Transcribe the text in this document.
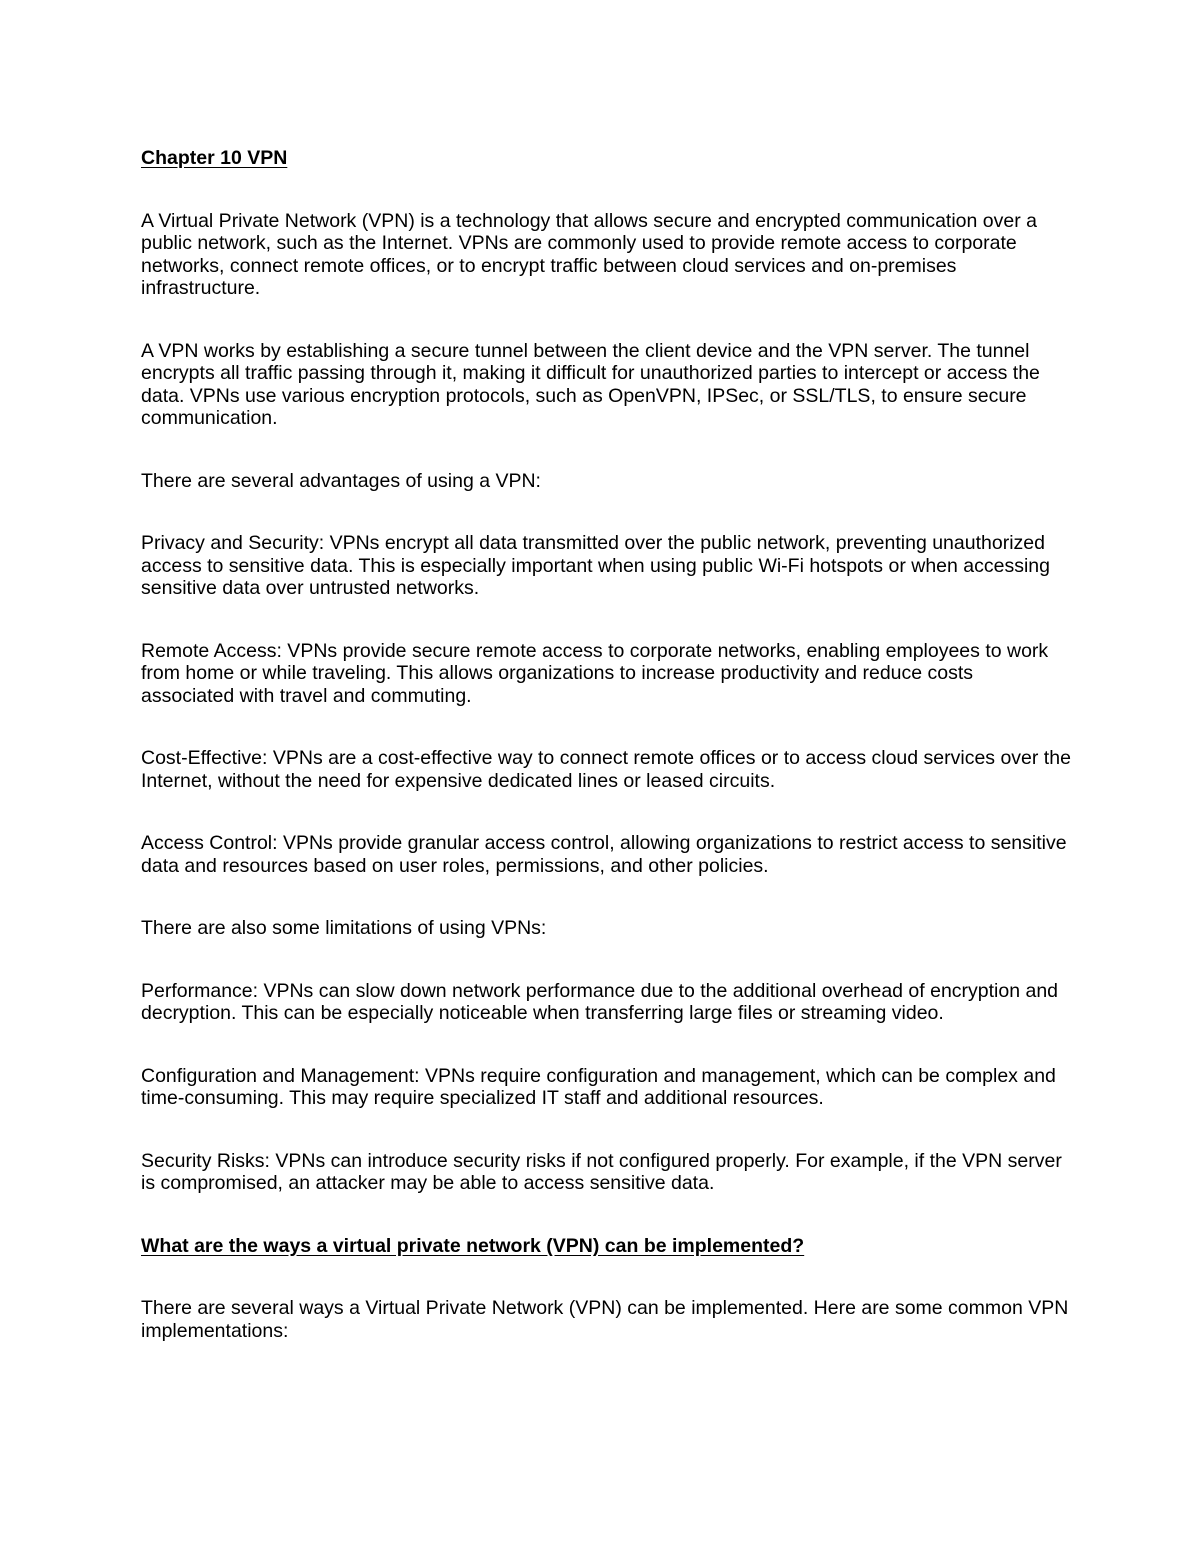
Chapter 10 VPN

A Virtual Private Network (VPN) is a technology that allows secure and encrypted communication over a public network, such as the Internet. VPNs are commonly used to provide remote access to corporate networks, connect remote offices, or to encrypt traffic between cloud services and on-premises infrastructure.

A VPN works by establishing a secure tunnel between the client device and the VPN server. The tunnel encrypts all traffic passing through it, making it difficult for unauthorized parties to intercept or access the data. VPNs use various encryption protocols, such as OpenVPN, IPSec, or SSL/TLS, to ensure secure communication.

There are several advantages of using a VPN:

Privacy and Security: VPNs encrypt all data transmitted over the public network, preventing unauthorized access to sensitive data. This is especially important when using public Wi-Fi hotspots or when accessing sensitive data over untrusted networks.

Remote Access: VPNs provide secure remote access to corporate networks, enabling employees to work from home or while traveling. This allows organizations to increase productivity and reduce costs associated with travel and commuting.

Cost-Effective: VPNs are a cost-effective way to connect remote offices or to access cloud services over the Internet, without the need for expensive dedicated lines or leased circuits.

Access Control: VPNs provide granular access control, allowing organizations to restrict access to sensitive data and resources based on user roles, permissions, and other policies.

There are also some limitations of using VPNs:

Performance: VPNs can slow down network performance due to the additional overhead of encryption and decryption. This can be especially noticeable when transferring large files or streaming video.

Configuration and Management: VPNs require configuration and management, which can be complex and time-consuming. This may require specialized IT staff and additional resources.

Security Risks: VPNs can introduce security risks if not configured properly. For example, if the VPN server is compromised, an attacker may be able to access sensitive data.

What are the ways a virtual private network (VPN) can be implemented?

There are several ways a Virtual Private Network (VPN) can be implemented. Here are some common VPN implementations:
